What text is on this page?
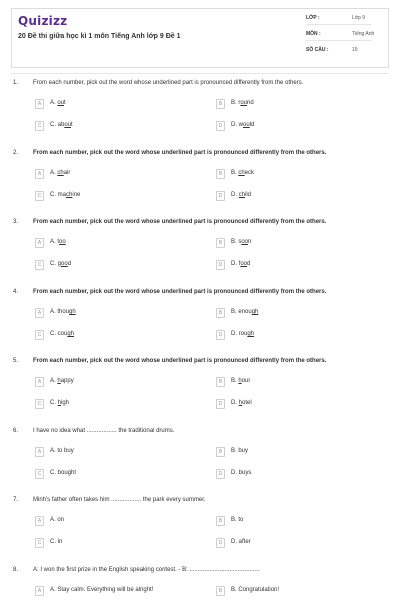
Quizizz
20 Đề thi giữa học kì 1 môn Tiếng Anh lớp 9 Đề 1
LỚP :	Lớp 9
MÔN :	Tiếng Anh
SỐ CÂU :	19
1. From each number, pick out the word whose underlined part is pronounced differently from the others.
A	A. out	B	B. round
C	C. about	D	D. would
2. From each number, pick out the word whose underlined part is pronounced differently from the others.
A	A. chair	B	B. check
C	C. machine	D	D. child
3. From each number, pick out the word whose underlined part is pronounced differently from the others.
A	A. too	B	B. soon
C	C. good	D	D. food
4. From each number, pick out the word whose underlined part is pronounced differently from the others.
A	A. though	B	B. enough
C	C. cough	D	D. rough
5. From each number, pick out the word whose underlined part is pronounced differently from the others.
A	A. happy	B	B. hour
C	C. high	D	D. hotel
6. I have no idea what .................. the traditional drums.
A	A. to buy	B	B. buy
C	C. bought	D	D. buys
7. Minh's father often takes him .................. the park every summer.
A	A. on	B	B. to
C	C. in	D	D. after
8. A: I won the first prize in the English speaking contest. - B: ..........................................
A	A. Stay calm. Everything will be alright!	B	B. Congratulation!
